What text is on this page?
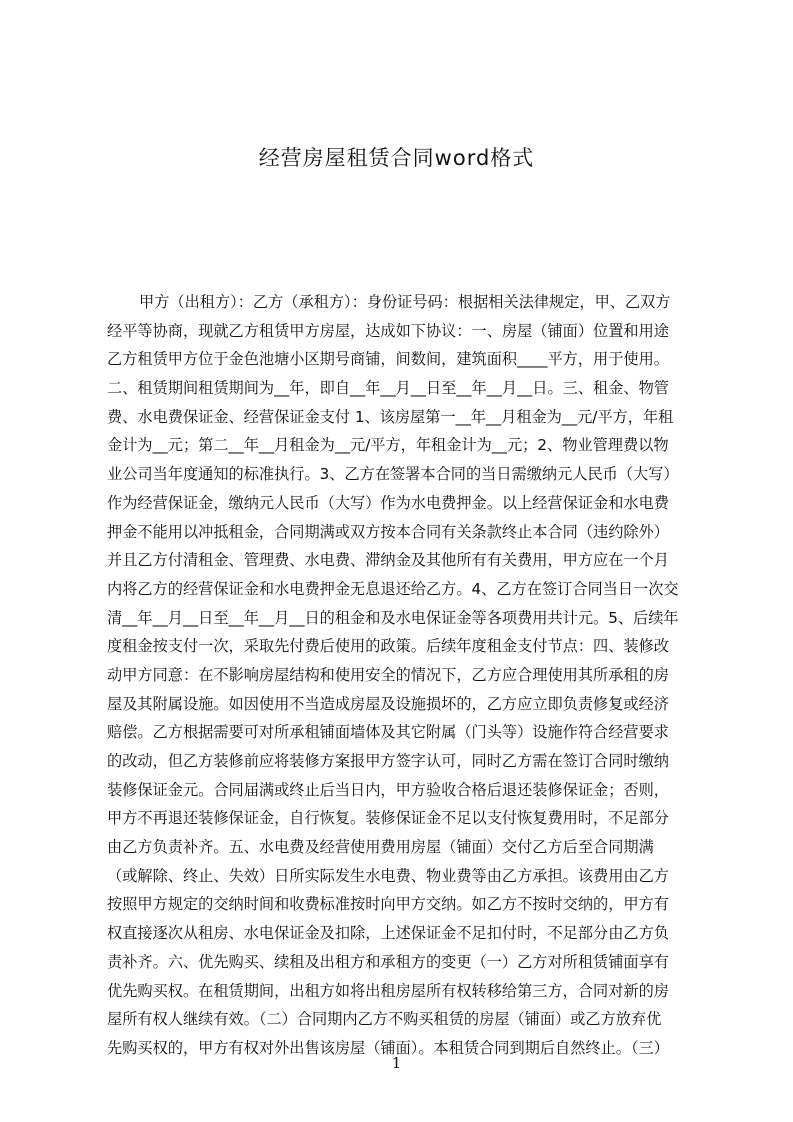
经营房屋租赁合同word格式
甲方（出租方）：乙方（承租方）：身份证号码：根据相关法律规定，甲、乙双方
经平等协商，现就乙方租赁甲方房屋，达成如下协议：一、房屋（铺面）位置和用途
乙方租赁甲方位于金色池塘小区期号商铺，间数间，建筑面积____平方，用于使用。
二、租赁期间租赁期间为__年，即自__年__月__日至__年__月__日。三、租金、物管
费、水电费保证金、经营保证金支付 1、该房屋第一__年__月租金为__元/平方，年租
金计为__元；第二__年__月租金为__元/平方，年租金计为__元；2、物业管理费以物
业公司当年度通知的标准执行。3、乙方在签署本合同的当日需缴纳元人民币（大写）
作为经营保证金，缴纳元人民币（大写）作为水电费押金。以上经营保证金和水电费
押金不能用以冲抵租金，合同期满或双方按本合同有关条款终止本合同（违约除外）
并且乙方付清租金、管理费、水电费、滞纳金及其他所有有关费用，甲方应在一个月
内将乙方的经营保证金和水电费押金无息退还给乙方。4、乙方在签订合同当日一次交
清__年__月__日至__年__月__日的租金和及水电保证金等各项费用共计元。5、后续年
度租金按支付一次，采取先付费后使用的政策。后续年度租金支付节点：四、装修改
动甲方同意：在不影响房屋结构和使用安全的情况下，乙方应合理使用其所承租的房
屋及其附属设施。如因使用不当造成房屋及设施损坏的，乙方应立即负责修复或经济
赔偿。乙方根据需要可对所承租铺面墙体及其它附属（门头等）设施作符合经营要求
的改动，但乙方装修前应将装修方案报甲方签字认可，同时乙方需在签订合同时缴纳
装修保证金元。合同届满或终止后当日内，甲方验收合格后退还装修保证金；否则，
甲方不再退还装修保证金，自行恢复。装修保证金不足以支付恢复费用时，不足部分
由乙方负责补齐。五、水电费及经营使用费用房屋（铺面）交付乙方后至合同期满
（或解除、终止、失效）日所实际发生水电费、物业费等由乙方承担。该费用由乙方
按照甲方规定的交纳时间和收费标准按时向甲方交纳。如乙方不按时交纳的，甲方有
权直接逐次从租房、水电保证金及扣除，上述保证金不足扣付时，不足部分由乙方负
责补齐。六、优先购买、续租及出租方和承租方的变更（一）乙方对所租赁铺面享有
优先购买权。在租赁期间，出租方如将出租房屋所有权转移给第三方，合同对新的房
屋所有权人继续有效。（二）合同期内乙方不购买租赁的房屋（铺面）或乙方放弃优
先购买权的，甲方有权对外出售该房屋（铺面）。本租赁合同到期后自然终止。（三）
1
